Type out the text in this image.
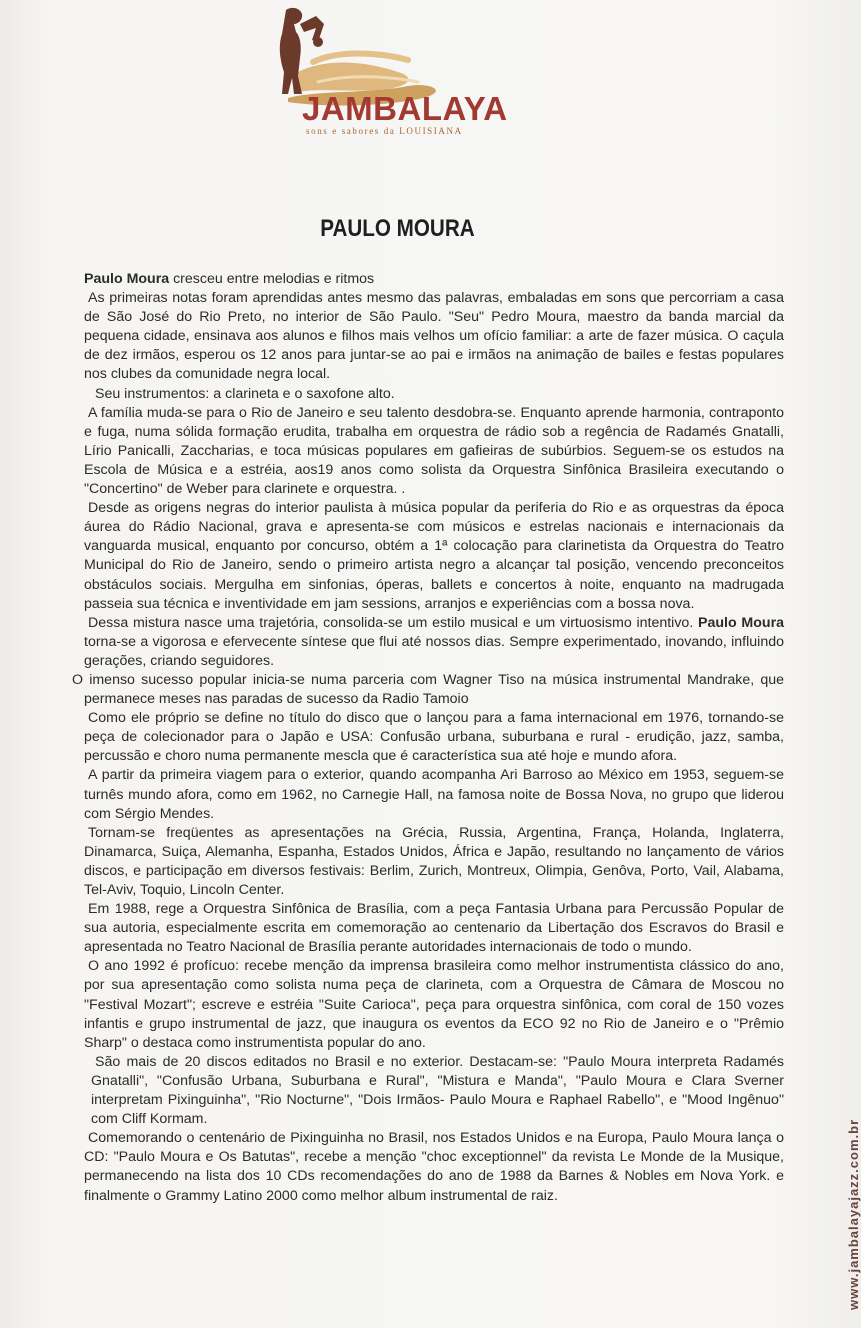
JAMBALAYA
sons e sabores da LOUISIANA
PAULO MOURA

Paulo Moura cresceu entre melodias e ritmos

As primeiras notas foram aprendidas antes mesmo das palavras, embaladas em sons que percorriam a casa de São José do Rio Preto, no interior de São Paulo. "Seu" Pedro Moura, maestro da banda marcial da pequena cidade, ensinava aos alunos e filhos mais velhos um ofício familiar: a arte de fazer música. O caçula de dez irmãos, esperou os 12 anos para juntar-se ao pai e irmãos na animação de bailes e festas populares nos clubes da comunidade negra local.

Seu instrumentos: a clarineta e o saxofone alto.

A família muda-se para o Rio de Janeiro e seu talento desdobra-se. Enquanto aprende harmonia, contraponto e fuga, numa sólida formação erudita, trabalha em orquestra de rádio sob a regência de Radamés Gnatalli, Lírio Panicalli, Zaccharias, e toca músicas populares em gafieiras de subúrbios. Seguem-se os estudos na Escola de Música e a estréia, aos19 anos como solista da Orquestra Sinfônica Brasileira executando o "Concertino" de Weber para clarinete e orquestra. .

Desde as origens negras do interior paulista à música popular da periferia do Rio e as orquestras da época áurea do Rádio Nacional, grava e apresenta-se com músicos e estrelas nacionais e internacionais da vanguarda musical, enquanto por concurso, obtém a 1ª colocação para clarinetista da Orquestra do Teatro Municipal do Rio de Janeiro, sendo o primeiro artista negro a alcançar tal posição, vencendo preconceitos obstáculos sociais. Mergulha em sinfonias, óperas, ballets e concertos à noite, enquanto na madrugada passeia sua técnica e inventividade em jam sessions, arranjos e experiências com a bossa nova.

Dessa mistura nasce uma trajetória, consolida-se um estilo musical e um virtuosismo intentivo. Paulo Moura torna-se a vigorosa e efervecente síntese que flui até nossos dias. Sempre experimentado, inovando, influindo gerações, criando seguidores.

O imenso sucesso popular inicia-se numa parceria com Wagner Tiso na música instrumental Mandrake, que permanece meses nas paradas de sucesso da Radio Tamoio

Como ele próprio se define no título do disco que o lançou para a fama internacional em 1976, tornando-se peça de colecionador para o Japão e USA: Confusão urbana, suburbana e rural - erudição, jazz, samba, percussão e choro numa permanente mescla que é característica sua até hoje e mundo afora.

A partir da primeira viagem para o exterior, quando acompanha Ari Barroso ao México em 1953, seguem-se turnês mundo afora, como em 1962, no Carnegie Hall, na famosa noite de Bossa Nova, no grupo que liderou com Sérgio Mendes.

Tornam-se freqüentes as apresentações na Grécia, Russia, Argentina, França, Holanda, Inglaterra, Dinamarca, Suiça, Alemanha, Espanha, Estados Unidos, África e Japão, resultando no lançamento de vários discos, e participação em diversos festivais: Berlim, Zurich, Montreux, Olimpia, Genôva, Porto, Vail, Alabama, Tel-Aviv, Toquio, Lincoln Center.

Em 1988, rege a Orquestra Sinfônica de Brasília, com a peça Fantasia Urbana para Percussão Popular de sua autoria, especialmente escrita em comemoração ao centenario da Libertação dos Escravos do Brasil e apresentada no Teatro Nacional de Brasília perante autoridades internacionais de todo o mundo.

O ano 1992 é profícuo: recebe menção da imprensa brasileira como melhor instrumentista clássico do ano, por sua apresentação como solista numa peça de clarineta, com a Orquestra de Câmara de Moscou no "Festival Mozart"; escreve e estréia "Suite Carioca", peça para orquestra sinfônica, com coral de 150 vozes infantis e grupo instrumental de jazz, que inaugura os eventos da ECO 92 no Rio de Janeiro e o "Prêmio Sharp" o destaca como instrumentista popular do ano.

São mais de 20 discos editados no Brasil e no exterior. Destacam-se: "Paulo Moura interpreta Radamés Gnatalli", "Confusão Urbana, Suburbana e Rural", "Mistura e Manda", "Paulo Moura e Clara Sverner interpretam Pixinguinha", "Rio Nocturne", "Dois Irmãos- Paulo Moura e Raphael Rabello", e "Mood Ingênuo" com Cliff Kormam.

Comemorando o centenário de Pixinguinha no Brasil, nos Estados Unidos e na Europa, Paulo Moura lança o CD: "Paulo Moura e Os Batutas", recebe a menção "choc exceptionnel" da revista Le Monde de la Musique, permanecendo na lista dos 10 CDs recomendações do ano de 1988 da Barnes & Nobles em Nova York. e finalmente o Grammy Latino 2000 como melhor album instrumental de raiz.	www.jambalayajazz.com.br
